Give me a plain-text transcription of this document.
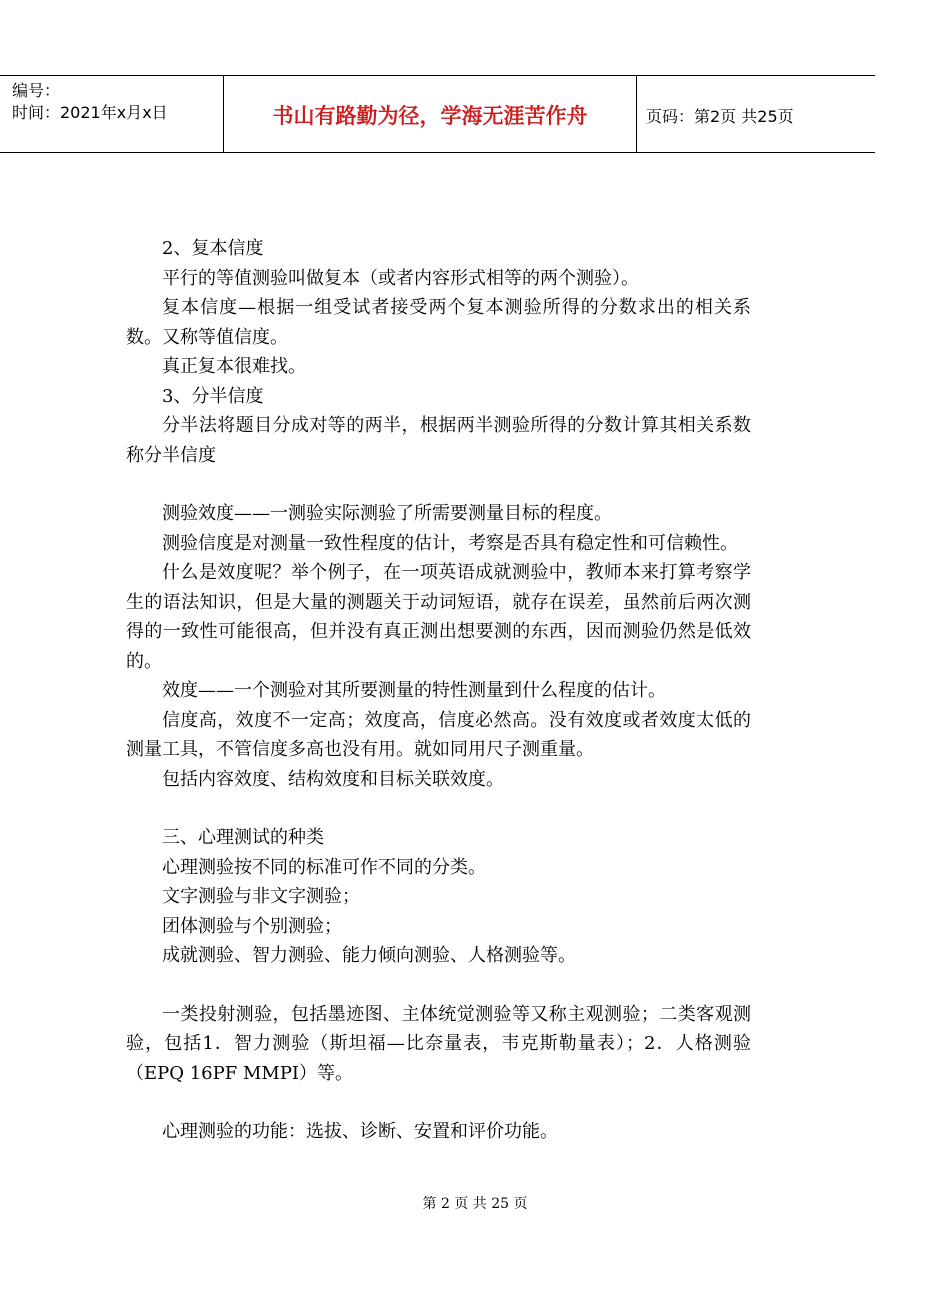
编号：
时间：2021年x月x日	书山有路勤为径，学海无涯苦作舟	页码：第2页 共25页

2、复本信度

平行的等值测验叫做复本（或者内容形式相等的两个测验）。

复本信度—根据一组受试者接受两个复本测验所得的分数求出的相关系数。又称等值信度。

真正复本很难找。

3、分半信度

分半法将题目分成对等的两半，根据两半测验所得的分数计算其相关系数称分半信度

测验效度——一测验实际测验了所需要测量目标的程度。

测验信度是对测量一致性程度的估计，考察是否具有稳定性和可信赖性。

什么是效度呢？举个例子，在一项英语成就测验中，教师本来打算考察学生的语法知识，但是大量的测题关于动词短语，就存在误差，虽然前后两次测得的一致性可能很高，但并没有真正测出想要测的东西，因而测验仍然是低效的。

效度——一个测验对其所要测量的特性测量到什么程度的估计。

信度高，效度不一定高；效度高，信度必然高。没有效度或者效度太低的测量工具，不管信度多高也没有用。就如同用尺子测重量。

包括内容效度、结构效度和目标关联效度。

三、心理测试的种类

心理测验按不同的标准可作不同的分类。

文字测验与非文字测验；

团体测验与个别测验；

成就测验、智力测验、能力倾向测验、人格测验等。

一类投射测验，包括墨迹图、主体统觉测验等又称主观测验；二类客观测验，包括1．智力测验（斯坦福—比奈量表，韦克斯勒量表）；2．人格测验（EPQ 16PF MMPI）等。

心理测验的功能：选拔、诊断、安置和评价功能。

第 2 页 共 25 页
